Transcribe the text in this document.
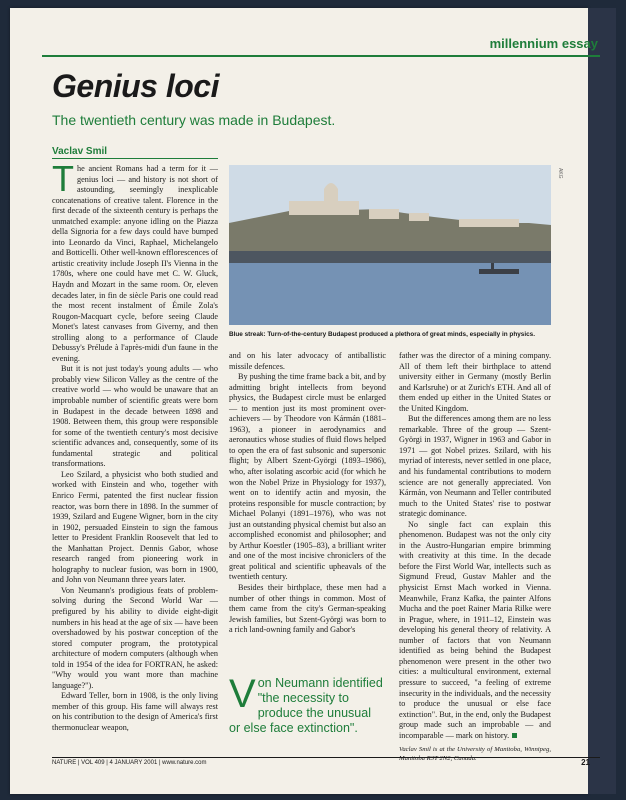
millennium essay
Genius loci
The twentieth century was made in Budapest.
Vaclav Smil

The ancient Romans had a term for it — genius loci — and history is not short of astounding, seemingly inexplicable concatenations of creative talent. Florence in the first decade of the sixteenth century is perhaps the unmatched example: anyone idling on the Piazza della Signoria for a few days could have bumped into Leonardo da Vinci, Raphael, Michelangelo and Botticelli. Other well-known efflorescences of artistic creativity include Joseph II's Vienna in the 1780s, where one could have met C. W. Gluck, Haydn and Mozart in the same room. Or, eleven decades later, in fin de siècle Paris one could read the most recent instalment of Émile Zola's Rougon-Macquart cycle, before seeing Claude Monet's latest canvases from Giverny, and then strolling along to a performance of Claude Debussy's Prélude à l'après-midi d'un faune in the evening.

But it is not just today's young adults — who probably view Silicon Valley as the centre of the creative world — who would be unaware that an improbable number of scientific greats were born in Budapest in the decade between 1898 and 1908. Between them, this group were responsible for some of the twentieth century's most decisive scientific advances and, consequently, some of its fundamental strategic and political transformations.

Leo Szilard, a physicist who both studied and worked with Einstein and who, together with Enrico Fermi, patented the first nuclear fission reactor, was born there in 1898. In the summer of 1939, Szilard and Eugene Wigner, born in the city in 1902, persuaded Einstein to sign the famous letter to President Franklin Roosevelt that led to the Manhattan Project. Dennis Gabor, whose research ranged from pioneering work in holography to nuclear fusion, was born in 1900, and John von Neumann three years later.

Von Neumann's prodigious feats of problem-solving during the Second World War — prefigured by his ability to divide eight-digit numbers in his head at the age of six — have been overshadowed by his postwar conception of the stored computer program, the prototypical architecture of modern computers (although when told in 1954 of the idea for FORTRAN, he asked: "Why would you want more than machine language?").

Edward Teller, born in 1908, is the only living member of this group. His fame will always rest on his contribution to the design of America's first thermonuclear weapon,

AKG
Blue streak: Turn-of-the-century Budapest produced a plethora of great minds, especially in physics.

and on his later advocacy of antiballistic missile defences.

By pushing the time frame back a bit, and by admitting bright intellects from beyond physics, the Budapest circle must be enlarged — to mention just its most prominent over-achievers — by Theodore von Kármán (1881–1963), a pioneer in aerodynamics and aeronautics whose studies of fluid flows helped to open the era of fast subsonic and supersonic flight; by Albert Szent-Györgi (1893–1986), who, after isolating ascorbic acid (for which he won the Nobel Prize in Physiology for 1937), went on to identify actin and myosin, the proteins responsible for muscle contraction; by Michael Polanyi (1891–1976), who was not just an outstanding physical chemist but also an accomplished economist and philosopher; and by Arthur Koestler (1905–83), a brilliant writer and one of the most incisive chroniclers of the great political and scientific upheavals of the twentieth century.

Besides their birthplace, these men had a number of other things in common. Most of them came from the city's German-speaking Jewish families, but Szent-Györgi was born to a rich land-owning family and Gabor's

Von Neumann identified "the necessity to produce the unusual or else face extinction".

father was the director of a mining company. All of them left their birthplace to attend university either in Germany (mostly Berlin and Karlsruhe) or at Zurich's ETH. And all of them ended up either in the United States or the United Kingdom.

But the differences among them are no less remarkable. Three of the group — Szent-Györgi in 1937, Wigner in 1963 and Gabor in 1971 — got Nobel prizes. Szilard, with his myriad of interests, never settled in one place, and his fundamental contributions to modern science are not generally appreciated. Von Kármán, von Neumann and Teller contributed much to the United States' rise to postwar strategic dominance.

No single fact can explain this phenomenon. Budapest was not the only city in the Austro-Hungarian empire brimming with creativity at this time. In the decade before the First World War, intellects such as Sigmund Freud, Gustav Mahler and the physicist Ernst Mach worked in Vienna. Meanwhile, Franz Kafka, the painter Alfons Mucha and the poet Rainer Maria Rilke were in Prague, where, in 1911–12, Einstein was developing his general theory of relativity. A number of factors that von Neumann identified as being behind the Budapest phenomenon were present in the other two cities: a multicultural environment, external pressure to succeed, "a feeling of extreme insecurity in the individuals, and the necessity to produce the unusual or else face extinction". But, in the end, only the Budapest group made such an improbable — and incomparable — mark on history.

Vaclav Smil is at the University of Manitoba, Winnipeg, Manitoba R3T 2N2, Canada.

NATURE | VOL 409 | 4 JANUARY 2001 | www.nature.com	21
